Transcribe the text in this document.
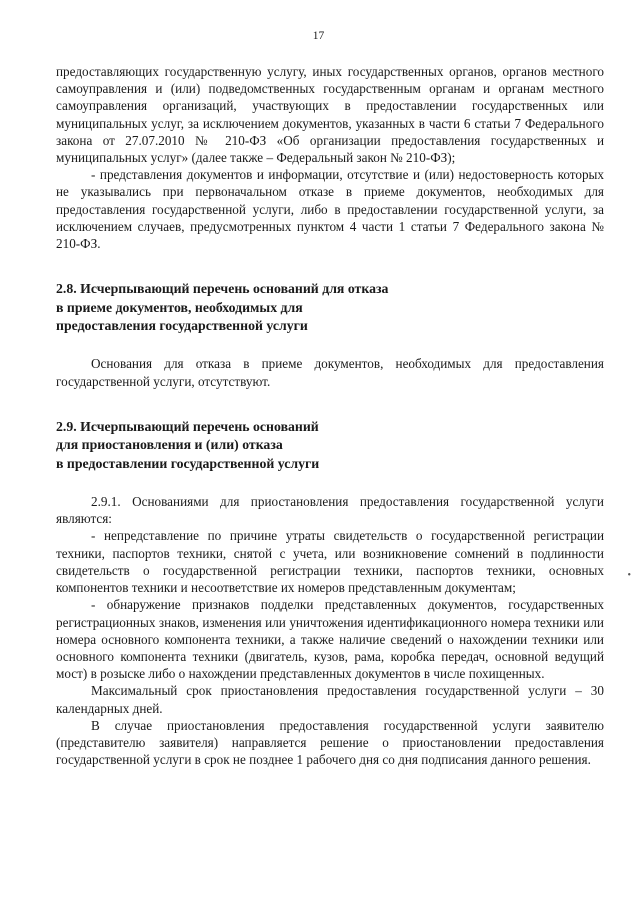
17

предоставляющих государственную услугу, иных государственных органов, органов местного самоуправления и (или) подведомственных государственным органам и органам местного самоуправления организаций, участвующих в предоставлении государственных или муниципальных услуг, за исключением документов, указанных в части 6 статьи 7 Федерального закона от 27.07.2010 № 210-ФЗ «Об организации предоставления государственных и муниципальных услуг» (далее также – Федеральный закон № 210-ФЗ);

- представления документов и информации, отсутствие и (или) недостоверность которых не указывались при первоначальном отказе в приеме документов, необходимых для предоставления государственной услуги, либо в предоставлении государственной услуги, за исключением случаев, предусмотренных пунктом 4 части 1 статьи 7 Федерального закона № 210-ФЗ.

2.8. Исчерпывающий перечень оснований для отказа

в приеме документов, необходимых для

предоставления государственной услуги

Основания для отказа в приеме документов, необходимых для предоставления государственной услуги, отсутствуют.

2.9. Исчерпывающий перечень оснований

для приостановления и (или) отказа

в предоставлении государственной услуги

2.9.1. Основаниями для приостановления предоставления государственной услуги являются:

- непредставление по причине утраты свидетельств о государственной регистрации техники, паспортов техники, снятой с учета, или возникновение сомнений в подлинности свидетельств о государственной регистрации техники, паспортов техники, основных компонентов техники и несоответствие их номеров представленным документам;

- обнаружение признаков подделки представленных документов, государственных регистрационных знаков, изменения или уничтожения идентификационного номера техники или номера основного компонента техники, а также наличие сведений о нахождении техники или основного компонента техники (двигатель, кузов, рама, коробка передач, основной ведущий мост) в розыске либо о нахождении представленных документов в числе похищенных.

Максимальный срок приостановления предоставления государственной услуги – 30 календарных дней.

В случае приостановления предоставления государственной услуги заявителю (представителю заявителя) направляется решение о приостановлении предоставления государственной услуги в срок не позднее 1 рабочего дня со дня подписания данного решения.

•
